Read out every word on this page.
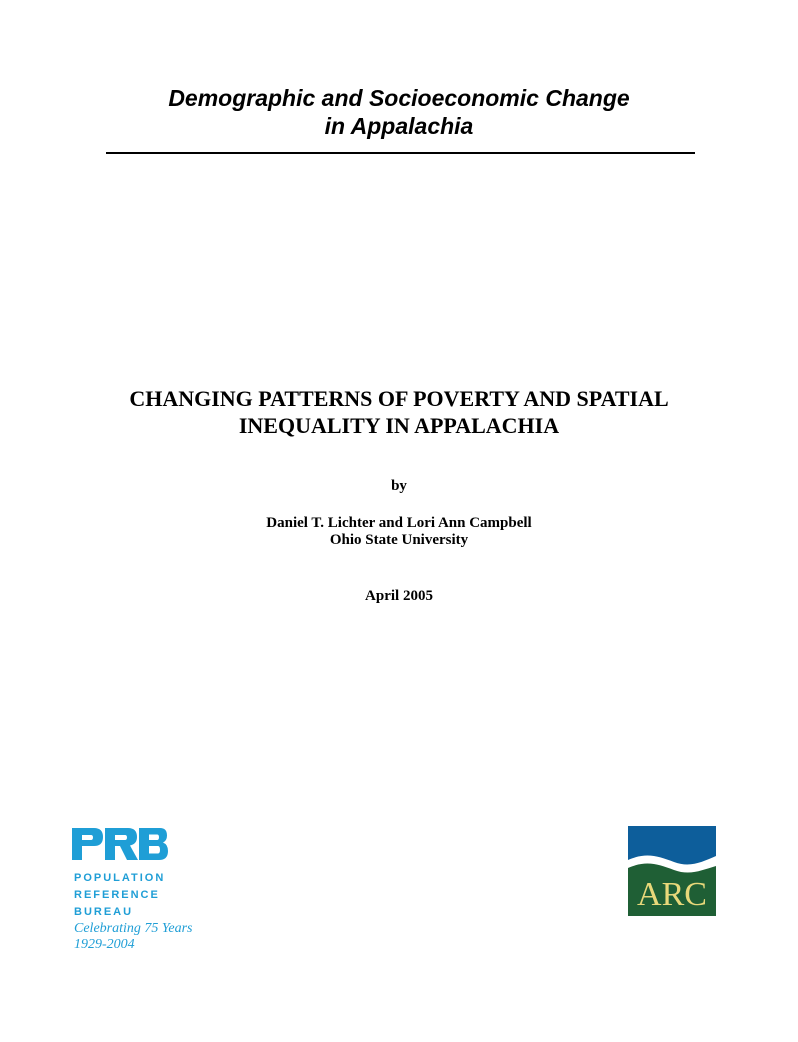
Demographic and Socioeconomic Change
in Appalachia
CHANGING PATTERNS OF POVERTY AND SPATIAL
INEQUALITY IN APPALACHIA
by
Daniel T. Lichter and Lori Ann Campbell
Ohio State University
April 2005
POPULATION
REFERENCE
BUREAU
Celebrating 75 Years
1929-2004
ARC
